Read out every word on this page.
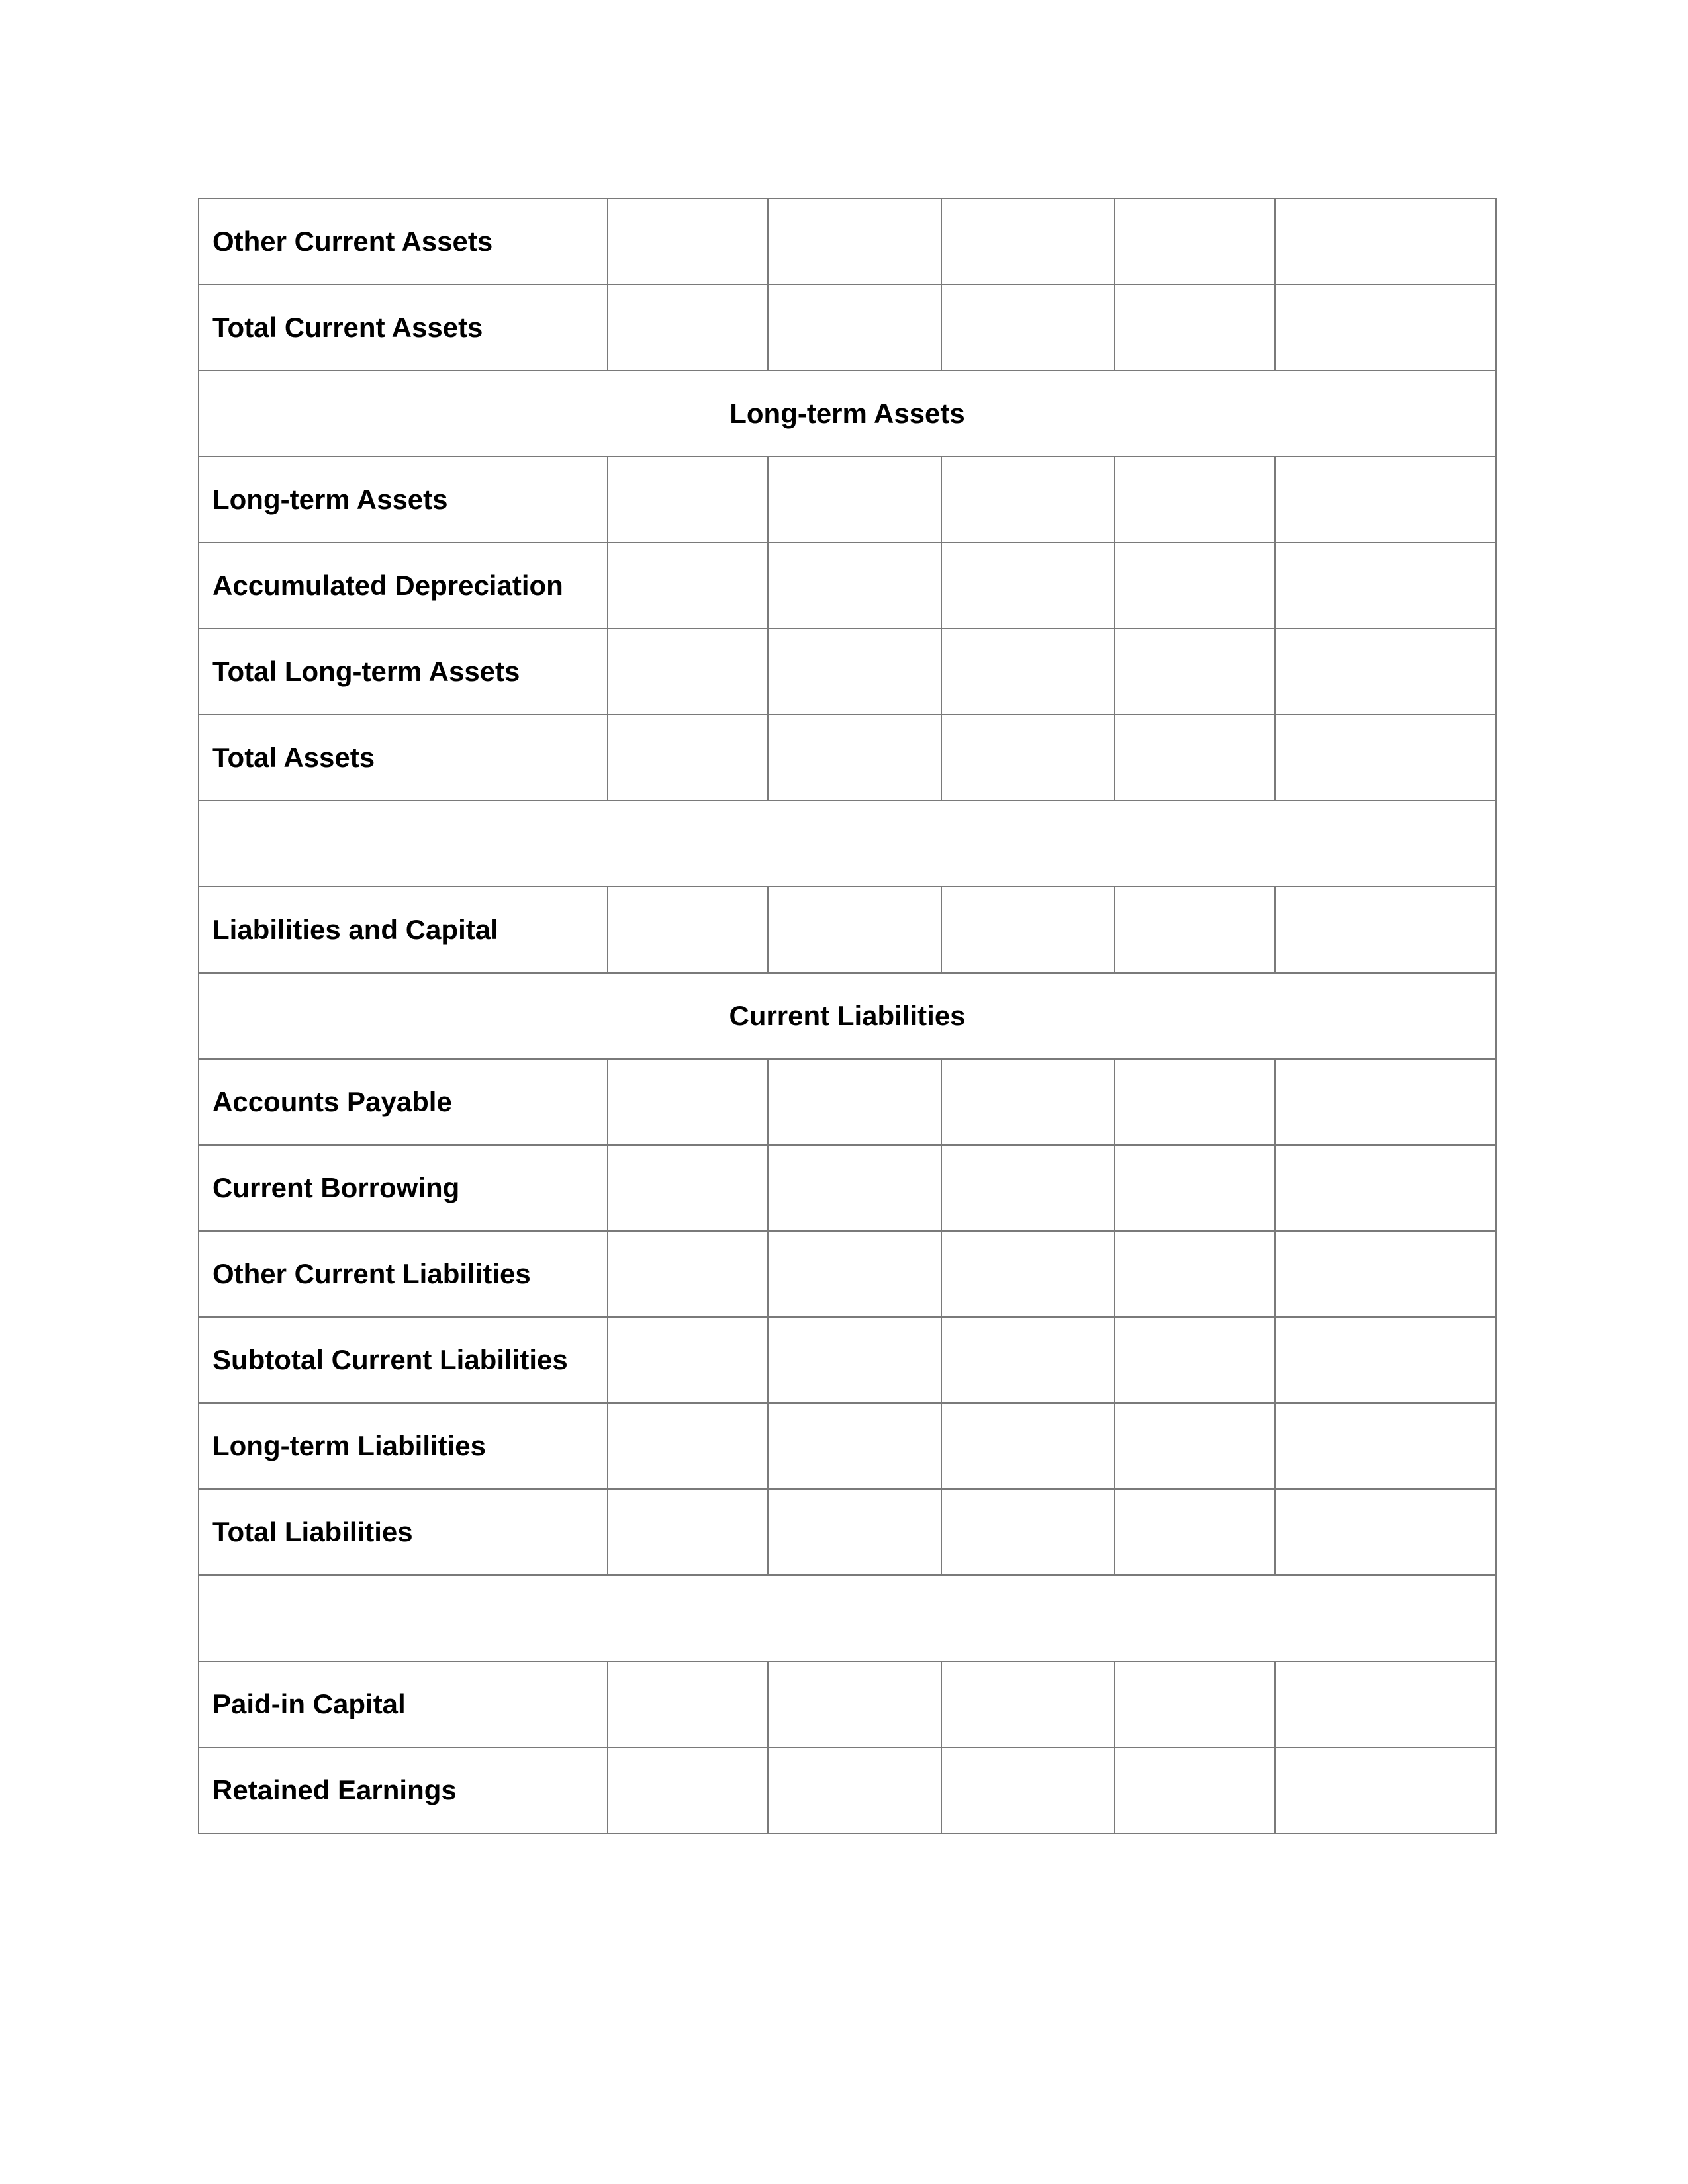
Other Current Assets					
Total Current Assets					
Long-term Assets					
Long-term Assets					
Accumulated Depreciation					
Total Long-term Assets					
Total Assets					

Liabilities and Capital					
Current Liabilities					
Accounts Payable					
Current Borrowing					
Other Current Liabilities					
Subtotal Current Liabilities					
Long-term Liabilities					
Total Liabilities					

Paid-in Capital					
Retained Earnings					
